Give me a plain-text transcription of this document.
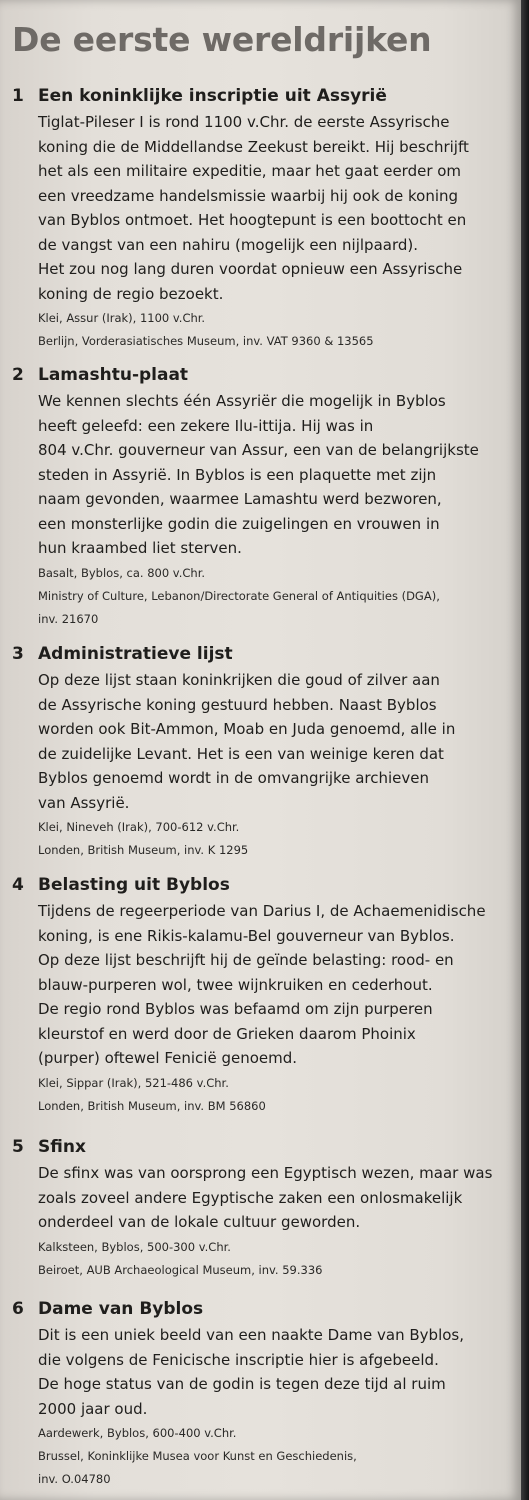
De eerste wereldrijken
1 Een koninklijke inscriptie uit Assyrië
Tiglat-Pileser I is rond 1100 v.Chr. de eerste Assyrische
koning die de Middellandse Zeekust bereikt. Hij beschrijft
het als een militaire expeditie, maar het gaat eerder om
een vreedzame handelsmissie waarbij hij ook de koning
van Byblos ontmoet. Het hoogtepunt is een boottocht en
de vangst van een nahiru (mogelijk een nijlpaard).
Het zou nog lang duren voordat opnieuw een Assyrische
koning de regio bezoekt.
Klei, Assur (Irak), 1100 v.Chr.
Berlijn, Vorderasiatisches Museum, inv. VAT 9360 & 13565
2 Lamashtu-plaat
We kennen slechts één Assyriër die mogelijk in Byblos
heeft geleefd: een zekere Ilu-ittija. Hij was in
804 v.Chr. gouverneur van Assur, een van de belangrijkste
steden in Assyrië. In Byblos is een plaquette met zijn
naam gevonden, waarmee Lamashtu werd bezworen,
een monsterlijke godin die zuigelingen en vrouwen in
hun kraambed liet sterven.
Basalt, Byblos, ca. 800 v.Chr.
Ministry of Culture, Lebanon/Directorate General of Antiquities (DGA),
inv. 21670
3 Administratieve lijst
Op deze lijst staan koninkrijken die goud of zilver aan
de Assyrische koning gestuurd hebben. Naast Byblos
worden ook Bit-Ammon, Moab en Juda genoemd, alle in
de zuidelijke Levant. Het is een van weinige keren dat
Byblos genoemd wordt in de omvangrijke archieven
van Assyrië.
Klei, Nineveh (Irak), 700-612 v.Chr.
Londen, British Museum, inv. K 1295
4 Belasting uit Byblos
Tijdens de regeerperiode van Darius I, de Achaemenidische
koning, is ene Rikis-kalamu-Bel gouverneur van Byblos.
Op deze lijst beschrijft hij de geïnde belasting: rood- en
blauw-purperen wol, twee wijnkruiken en cederhout.
De regio rond Byblos was befaamd om zijn purperen
kleurstof en werd door de Grieken daarom Phoinix
(purper) oftewel Fenicië genoemd.
Klei, Sippar (Irak), 521-486 v.Chr.
Londen, British Museum, inv. BM 56860
5 Sfinx
De sfinx was van oorsprong een Egyptisch wezen, maar was
zoals zoveel andere Egyptische zaken een onlosmakelijk
onderdeel van de lokale cultuur geworden.
Kalksteen, Byblos, 500-300 v.Chr.
Beiroet, AUB Archaeological Museum, inv. 59.336
6 Dame van Byblos
Dit is een uniek beeld van een naakte Dame van Byblos,
die volgens de Fenicische inscriptie hier is afgebeeld.
De hoge status van de godin is tegen deze tijd al ruim
2000 jaar oud.
Aardewerk, Byblos, 600-400 v.Chr.
Brussel, Koninklijke Musea voor Kunst en Geschiedenis,
inv. O.04780
